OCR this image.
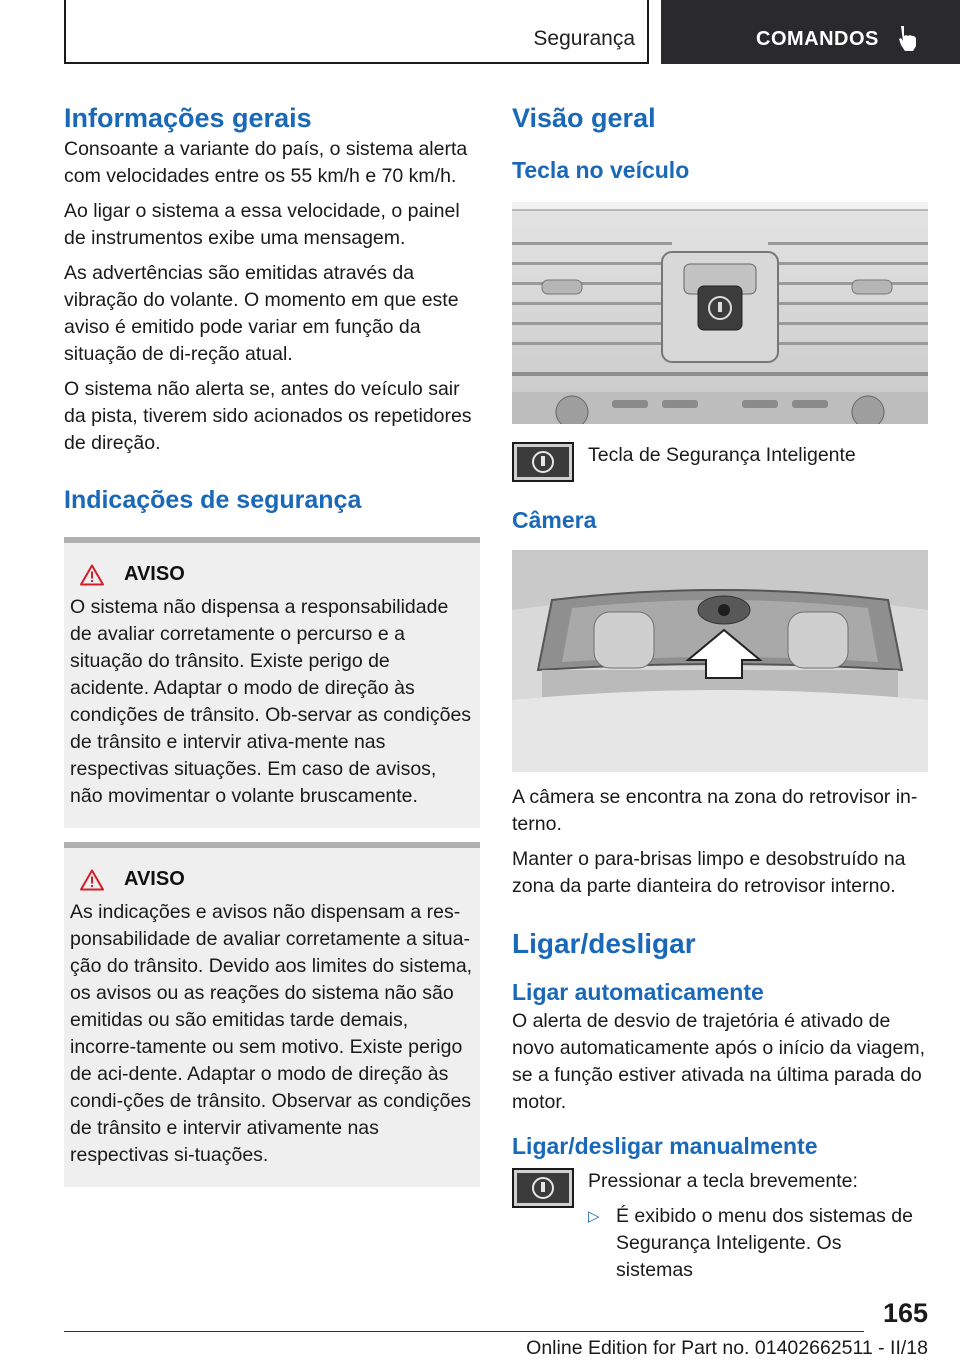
Segurança	COMANDOS
Informações gerais

Consoante a variante do país, o sistema alerta com velocidades entre os 55 km/h e 70 km/h.

Ao ligar o sistema a essa velocidade, o painel de instrumentos exibe uma mensagem.

As advertências são emitidas através da vibração do volante. O momento em que este aviso é emitido pode variar em função da situação de di-reção atual.

O sistema não alerta se, antes do veículo sair da pista, tiverem sido acionados os repetidores de direção.

Indicações de segurança
AVISO

O sistema não dispensa a responsabilidade de avaliar corretamente o percurso e a situação do trânsito. Existe perigo de acidente. Adaptar o modo de direção às condições de trânsito. Ob-servar as condições de trânsito e intervir ativa-mente nas respectivas situações. Em caso de avisos, não movimentar o volante bruscamente.

AVISO

As indicações e avisos não dispensam a res-ponsabilidade de avaliar corretamente a situa-ção do trânsito. Devido aos limites do sistema, os avisos ou as reações do sistema não são emitidas ou são emitidas tarde demais, incorre-tamente ou sem motivo. Existe perigo de aci-dente. Adaptar o modo de direção às condi-ções de trânsito. Observar as condições de trânsito e intervir ativamente nas respectivas si-tuações.

Visão geral
Tecla no veículo

Tecla de Segurança Inteligente

Câmera

A câmera se encontra na zona do retrovisor in-terno.

Manter o para-brisas limpo e desobstruído na zona da parte dianteira do retrovisor interno.

Ligar/desligar
Ligar automaticamente

O alerta de desvio de trajetória é ativado de novo automaticamente após o início da viagem, se a função estiver ativada na última parada do motor.

Ligar/desligar manualmente

Pressionar a tecla brevemente:

▷ É exibido o menu dos sistemas de Segurança Inteligente. Os sistemas

165
Online Edition for Part no. 01402662511 - II/18
